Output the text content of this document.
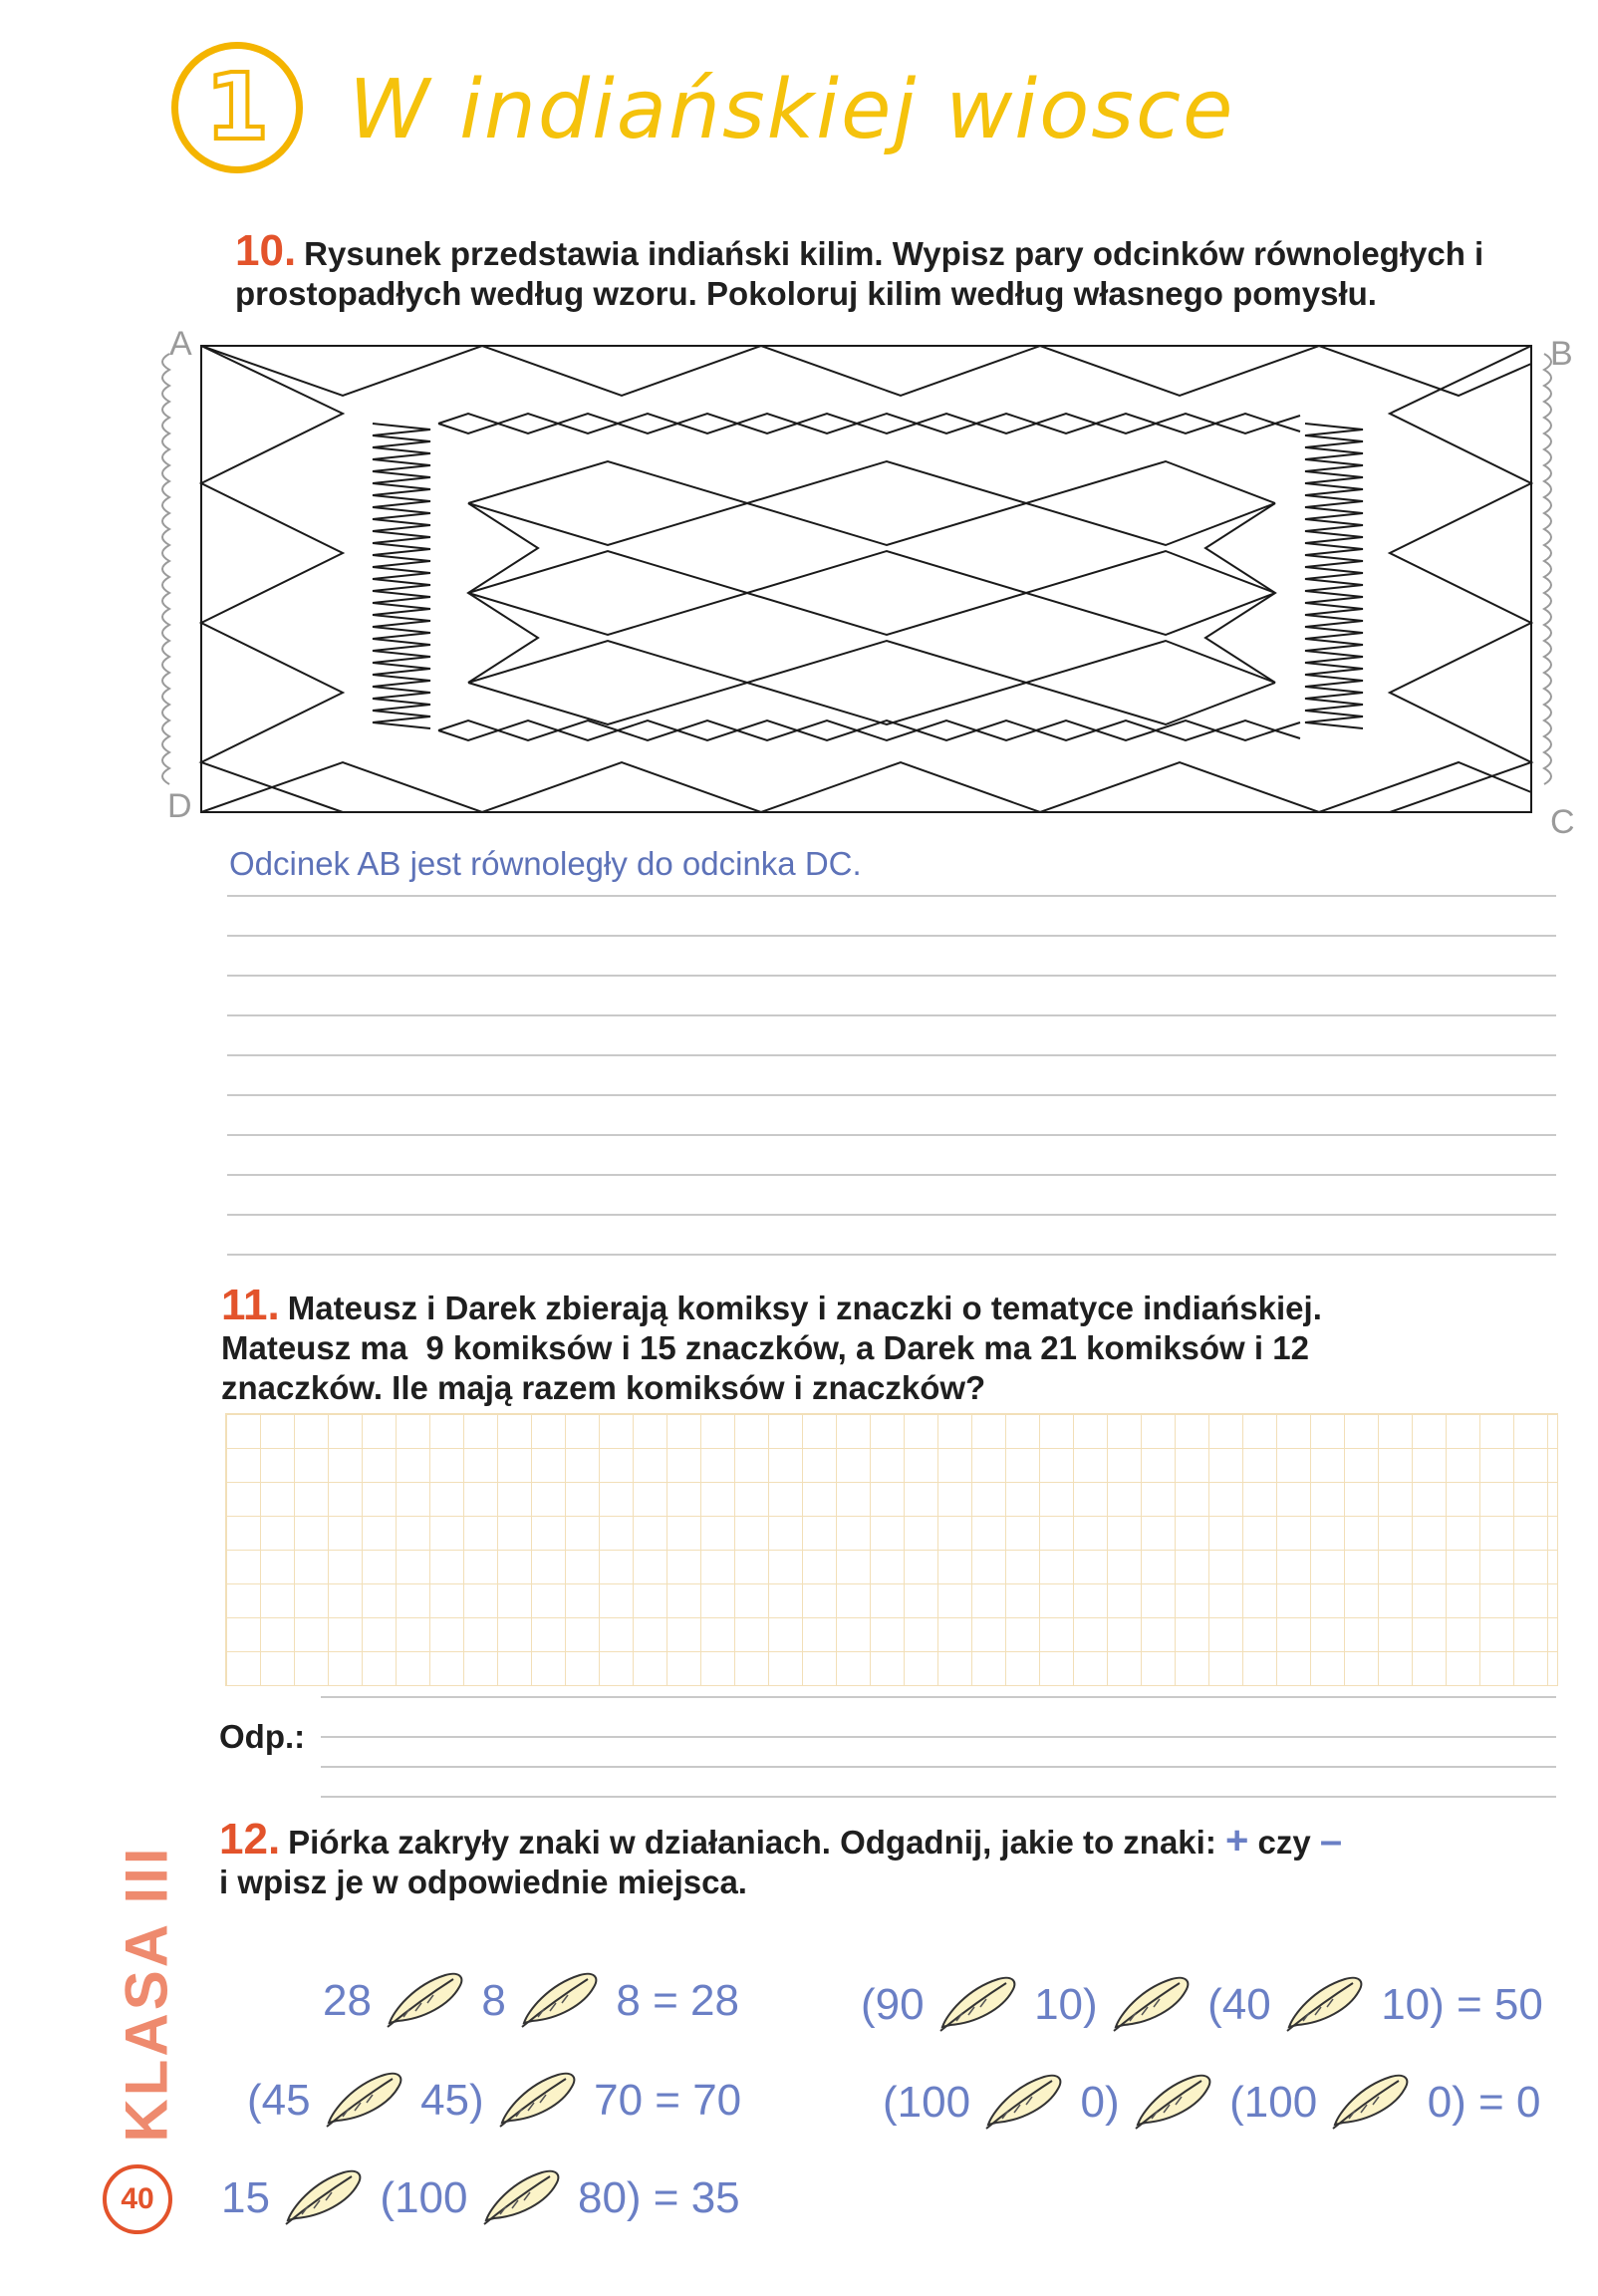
1 W indiańskiej wiosce
10. Rysunek przedstawia indiański kilim. Wypisz pary odcinków równoległych i prostopadłych według wzoru. Pokoloruj kilim według własnego pomysłu.
A	B
D	C
Odcinek AB jest równoległy do odcinka DC.
11. Mateusz i Darek zbierają komiksy i znaczki o tematyce indiańskiej.
Mateusz ma  9 komiksów i 15 znaczków, a Darek ma 21 komiksów i 12
znaczków. Ile mają razem komiksów i znaczków?
Odp.:
12. Piórka zakryły znaki w działaniach. Odgadnij, jakie to znaki: + czy –
i wpisz je w odpowiednie miejsca.
28	8	8 = 28
(45	45)	70 = 70
15	(100	80) = 35
(90	10)	(40	10) = 50
(100	0)	(100	0) = 0
KLASA III
40
